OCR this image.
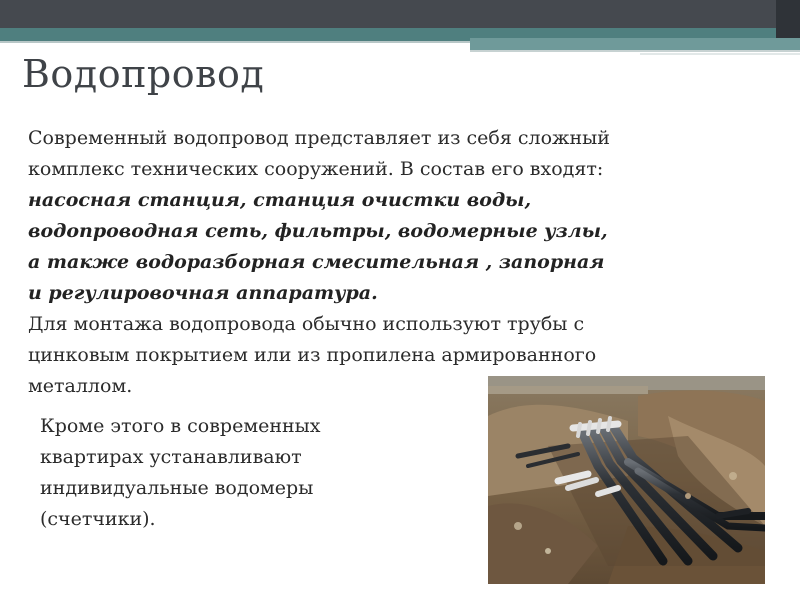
Водопровод
Современный водопровод представляет из себя сложный
комплекс технических сооружений. В состав его входят:
насосная станция, станция очистки воды,
водопроводная сеть, фильтры, водомерные узлы,
а также водоразборная смесительная , запорная
и регулировочная аппаратура.
Для монтажа водопровода обычно используют трубы с
цинковым покрытием или из пропилена армированного
металлом.
Кроме этого в современных
квартирах устанавливают
индивидуальные водомеры
(счетчики).
